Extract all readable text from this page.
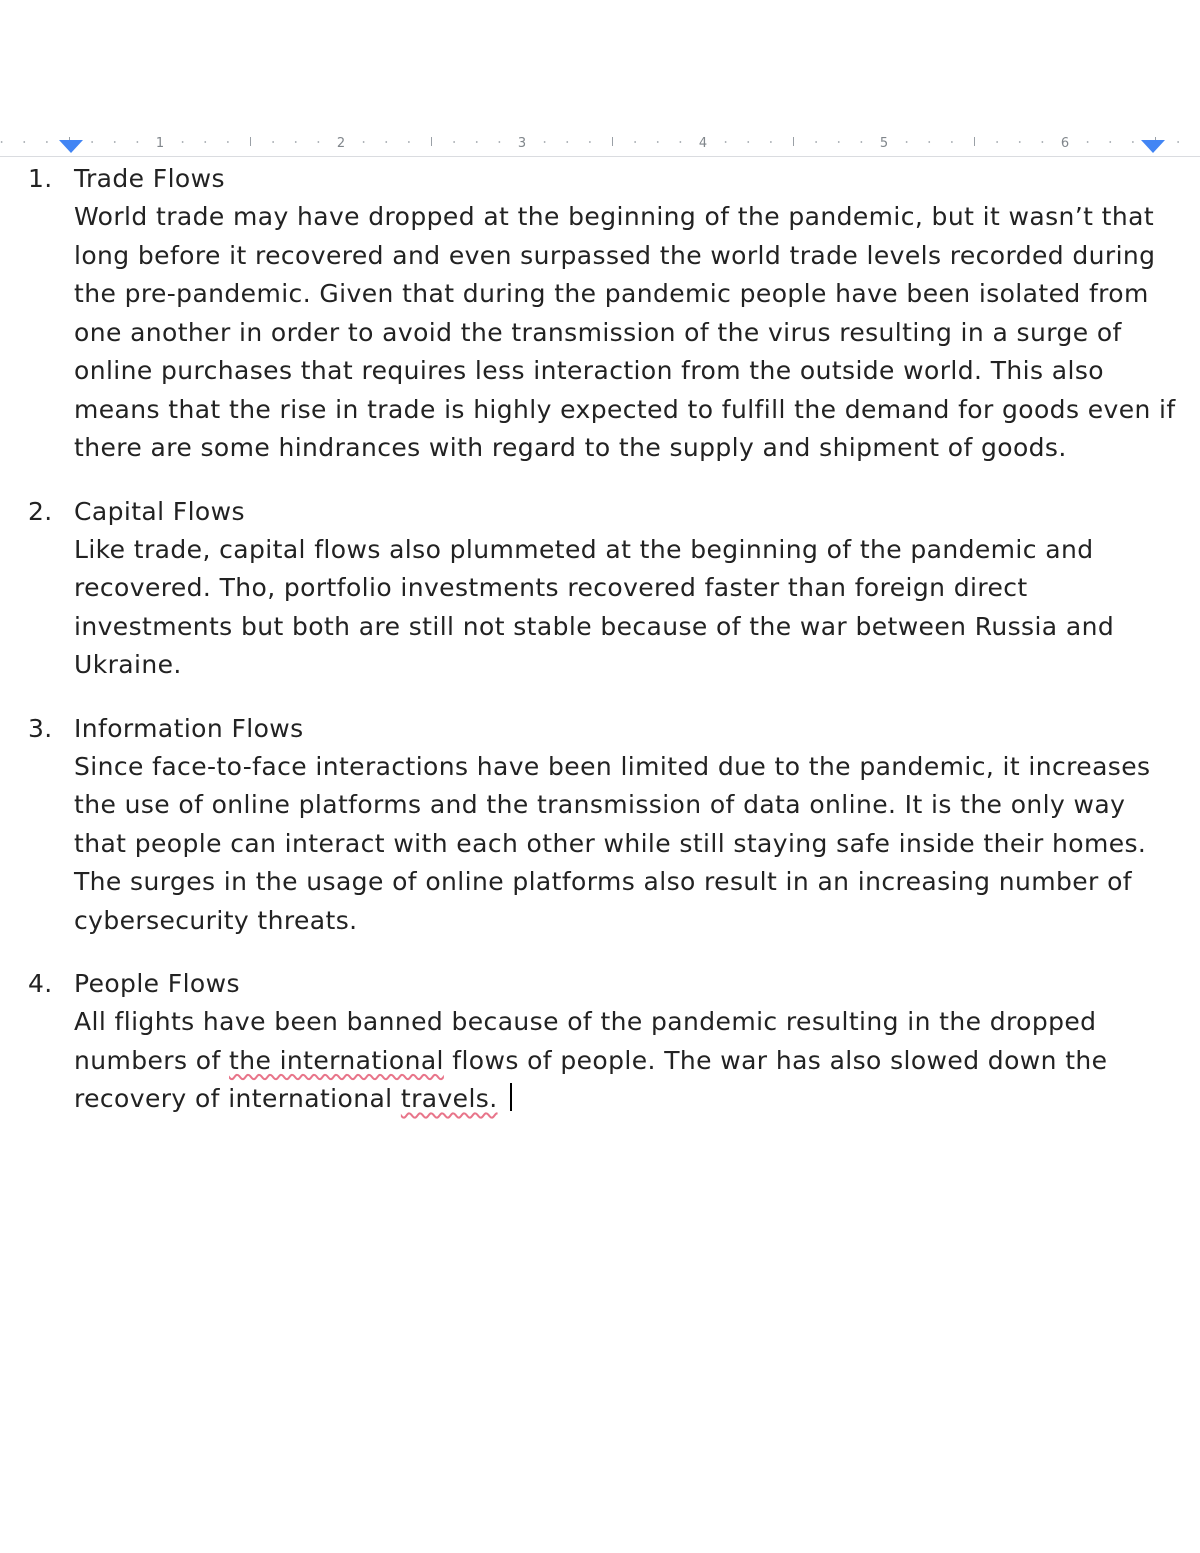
1	2	3	4	5	6
1. Trade Flows

World trade may have dropped at the beginning of the pandemic, but it wasn’t that long before it recovered and even surpassed the world trade levels recorded during the pre-pandemic. Given that during the pandemic people have been isolated from one another in order to avoid the transmission of the virus resulting in a surge of online purchases that requires less interaction from the outside world. This also means that the rise in trade is highly expected to fulfill the demand for goods even if there are some hindrances with regard to the supply and shipment of goods.

2. Capital Flows

Like trade, capital flows also plummeted at the beginning of the pandemic and recovered. Tho, portfolio investments recovered faster than foreign direct investments but both are still not stable because of the war between Russia and Ukraine.

3. Information Flows

Since face-to-face interactions have been limited due to the pandemic, it increases the use of online platforms and the transmission of data online. It is the only way that people can interact with each other while still staying safe inside their homes. The surges in the usage of online platforms also result in an increasing number of cybersecurity threats.

4. People Flows

All flights have been banned because of the pandemic resulting in the dropped numbers of the international flows of people. The war has also slowed down the recovery of international travels.
